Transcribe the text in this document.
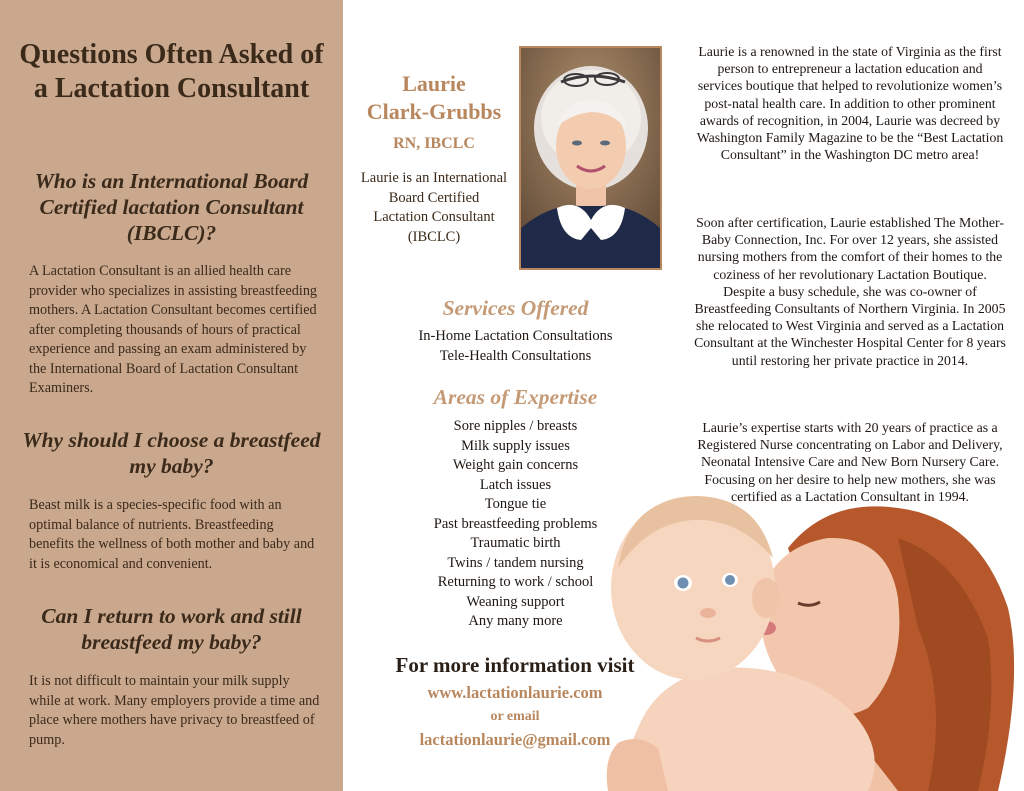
Questions Often Asked of a Lactation Consultant
Who is an International Board Certified lactation Consultant (IBCLC)?

A Lactation Consultant is an allied health care provider who specializes in assisting breastfeeding mothers. A Lactation Consultant becomes certified after completing thousands of hours of practical experience and passing an exam administered by the International Board of Lactation Consultant Examiners.

Why should I choose a breastfeed my baby?

Beast milk is a species-specific food with an optimal balance of nutrients. Breastfeeding benefits the wellness of both mother and baby and it is economical and convenient.

Can I return to work and still breastfeed my baby?

It is not difficult to maintain your milk supply while at work. Many employers provide a time and place where mothers have privacy to breastfeed of pump.

Laurie
Clark-Grubbs
RN, IBCLC

Laurie is an International Board Certified Lactation Consultant (IBCLC)

Services Offered
In-Home Lactation Consultations
Tele-Health Consultations
Areas of Expertise
Sore nipples / breasts
Milk supply issues
Weight gain concerns
Latch issues
Tongue tie
Past breastfeeding problems
Traumatic birth
Twins / tandem nursing
Returning to work / school
Weaning support
Any many more
For more information visit
www.lactationlaurie.com
or email
lactationlaurie@gmail.com

Laurie is a renowned in the state of Virginia as the first person to entrepreneur a lactation education and services boutique that helped to revolutionize women’s post-natal health care. In addition to other prominent awards of recognition, in 2004, Laurie was decreed by Washington Family Magazine to be the “Best Lactation Consultant” in the Washington DC metro area!

Soon after certification, Laurie established The Mother-Baby Connection, Inc. For over 12 years, she assisted nursing mothers from the comfort of their homes to the coziness of her revolutionary Lactation Boutique. Despite a busy schedule, she was co-owner of Breastfeeding Consultants of Northern Virginia. In 2005 she relocated to West Virginia and served as a Lactation Consultant at the Winchester Hospital Center for 8 years until restoring her private practice in 2014.

Laurie’s expertise starts with 20 years of practice as a Registered Nurse concentrating on Labor and Delivery, Neonatal Intensive Care and New Born Nursery Care. Focusing on her desire to help new mothers, she was certified as a Lactation Consultant in 1994.
